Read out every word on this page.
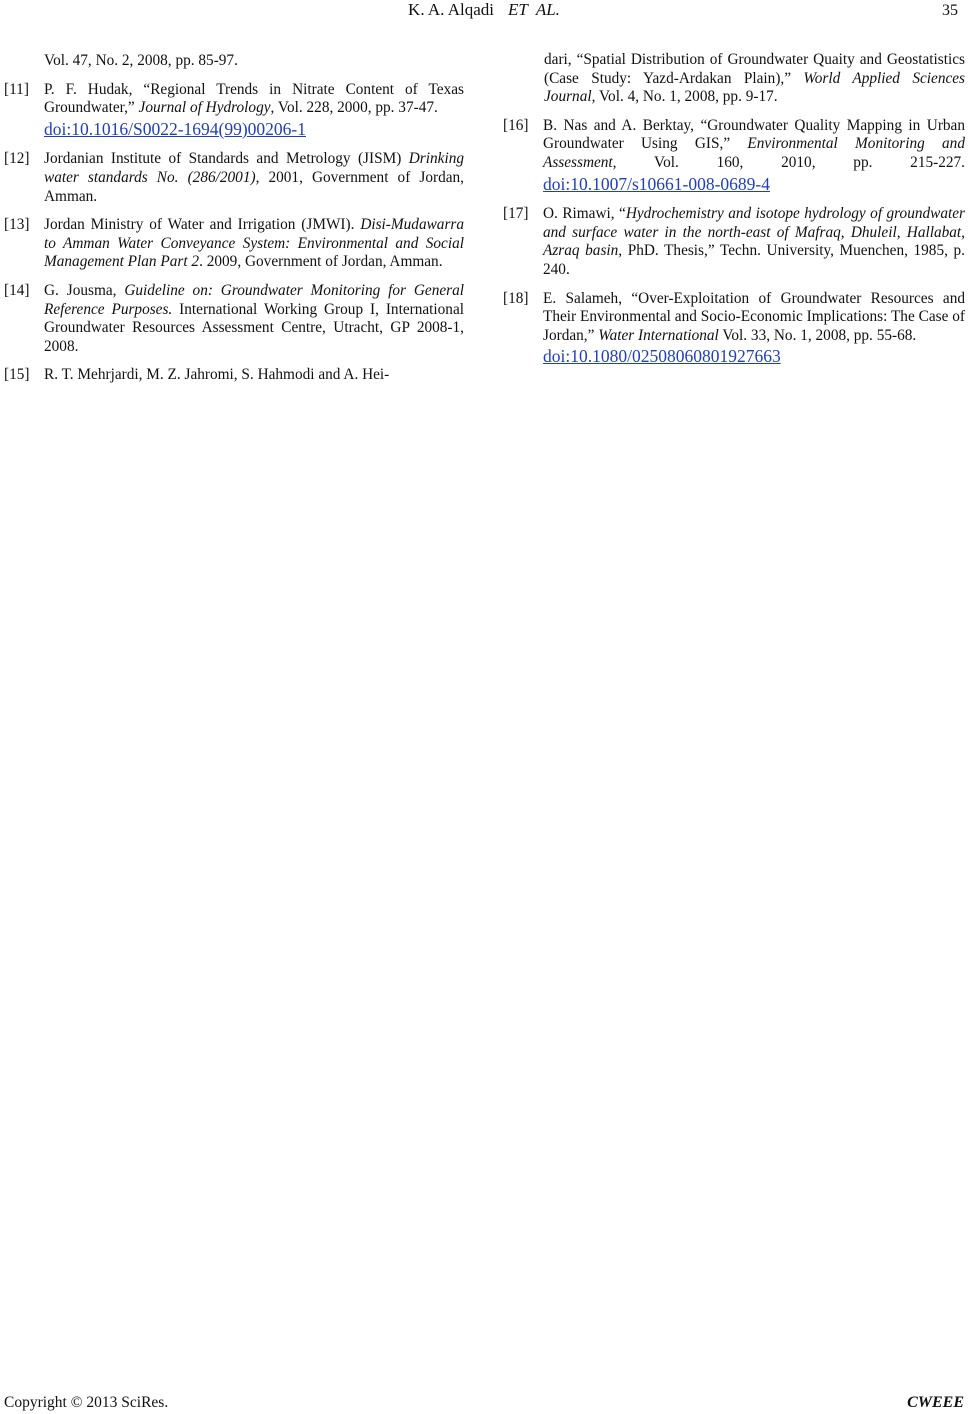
K. A. Alqadi ET AL.	35
Vol. 47, No. 2, 2008, pp. 85-97.
[11] P. F. Hudak, “Regional Trends in Nitrate Content of Texas Groundwater,” Journal of Hydrology, Vol. 228, 2000, pp. 37-47.
doi:10.1016/S0022-1694(99)00206-1
[12] Jordanian Institute of Standards and Metrology (JISM) Drinking water standards No. (286/2001), 2001, Government of Jordan, Amman.
[13] Jordan Ministry of Water and Irrigation (JMWI). Disi-Mudawarra to Amman Water Conveyance System: Environmental and Social Management Plan Part 2. 2009, Government of Jordan, Amman.
[14] G. Jousma, Guideline on: Groundwater Monitoring for General Reference Purposes. International Working Group I, International Groundwater Resources Assessment Centre, Utracht, GP 2008-1, 2008.
[15] R. T. Mehrjardi, M. Z. Jahromi, S. Hahmodi and A. Hei-
dari, “Spatial Distribution of Groundwater Quaity and Geostatistics (Case Study: Yazd-Ardakan Plain),” World Applied Sciences Journal, Vol. 4, No. 1, 2008, pp. 9-17.
[16] B. Nas and A. Berktay, “Groundwater Quality Mapping in Urban Groundwater Using GIS,” Environmental Monitoring and Assessment, Vol. 160, 2010, pp. 215-227. doi:10.1007/s10661-008-0689-4
[17] O. Rimawi, “Hydrochemistry and isotope hydrology of groundwater and surface water in the north-east of Mafraq, Dhuleil, Hallabat, Azraq basin, PhD. Thesis,” Techn. University, Muenchen, 1985, p. 240.
[18] E. Salameh, “Over-Exploitation of Groundwater Resources and Their Environmental and Socio-Economic Implications: The Case of Jordan,” Water International Vol. 33, No. 1, 2008, pp. 55-68.
doi:10.1080/02508060801927663
Copyright © 2013 SciRes.	CWEEE
